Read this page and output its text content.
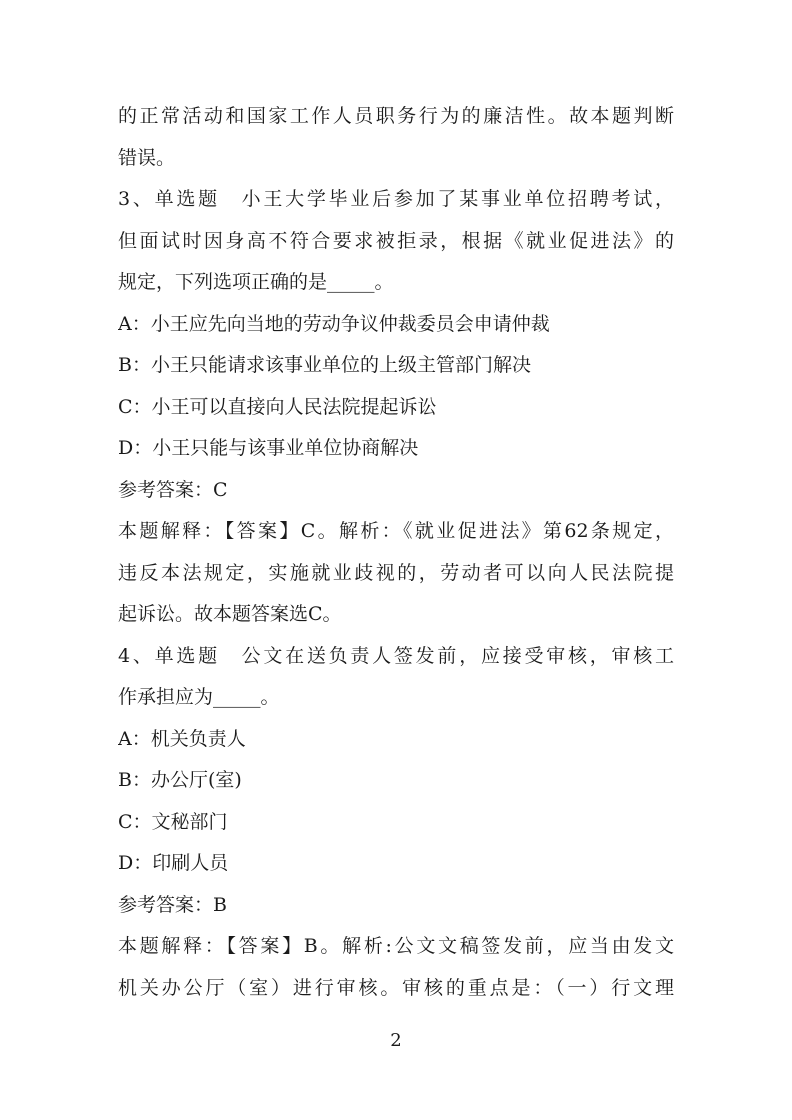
的正常活动和国家工作人员职务行为的廉洁性。故本题判断
错误。
3、单选题　小王大学毕业后参加了某事业单位招聘考试，
但面试时因身高不符合要求被拒录，根据《就业促进法》的
规定，下列选项正确的是_____。
A：小王应先向当地的劳动争议仲裁委员会申请仲裁
B：小王只能请求该事业单位的上级主管部门解决
C：小王可以直接向人民法院提起诉讼
D：小王只能与该事业单位协商解决
参考答案：C
本题解释：【答案】C。解析：《就业促进法》第62条规定，
违反本法规定，实施就业歧视的，劳动者可以向人民法院提
起诉讼。故本题答案选C。
4、单选题　公文在送负责人签发前，应接受审核，审核工
作承担应为_____。
A：机关负责人
B：办公厅(室)
C：文秘部门
D：印刷人员
参考答案：B
本题解释：【答案】B。解析:公文文稿签发前，应当由发文
机关办公厅（室）进行审核。审核的重点是：（一）行文理
2
